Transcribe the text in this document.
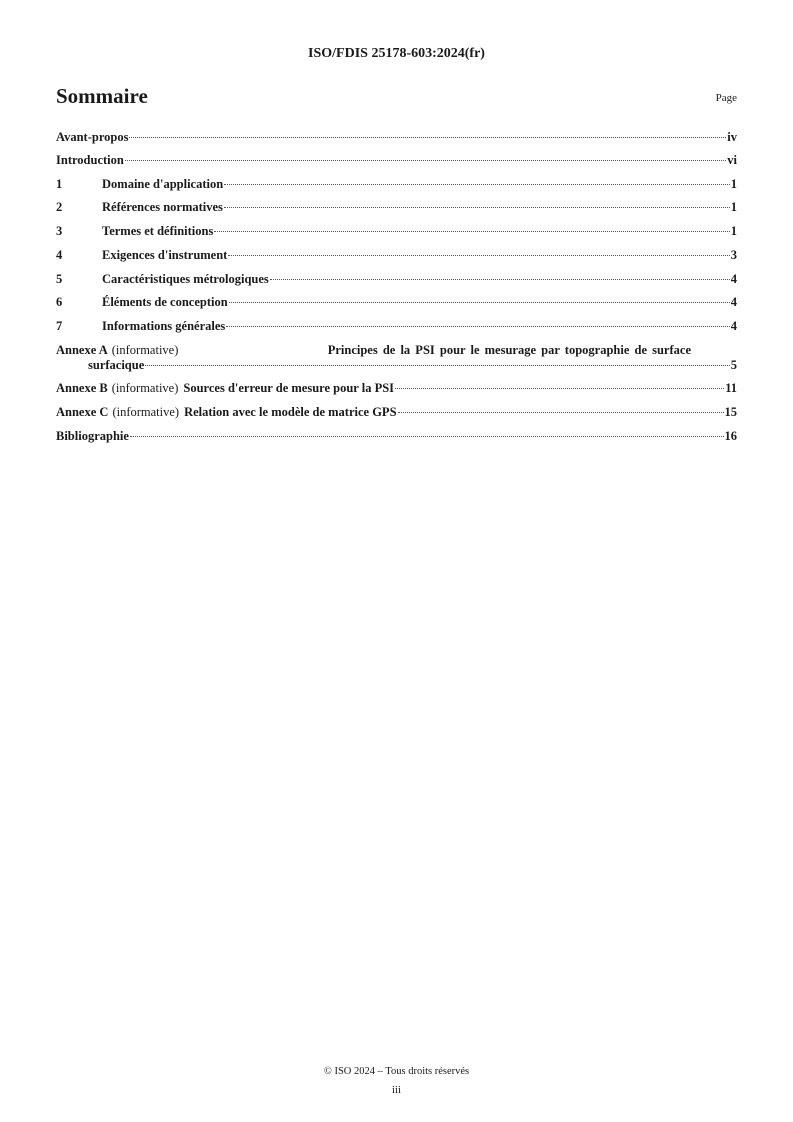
ISO/FDIS 25178-603:2024(fr)
Sommaire	Page
Avant-propos	iv
Introduction	vi
1	Domaine d'application	1
2	Références normatives	1
3	Termes et définitions	1
4	Exigences d'instrument	3
5	Caractéristiques métrologiques	4
6	Éléments de conception	4
7	Informations générales	4
Annexe A (informative)	Principes de la PSI pour le mesurage par topographie de surface
surfacique	5
Annexe B (informative) Sources d'erreur de mesure pour la PSI	11
Annexe C (informative) Relation avec le modèle de matrice GPS	15
Bibliographie	16
© ISO 2024 – Tous droits réservés
iii
